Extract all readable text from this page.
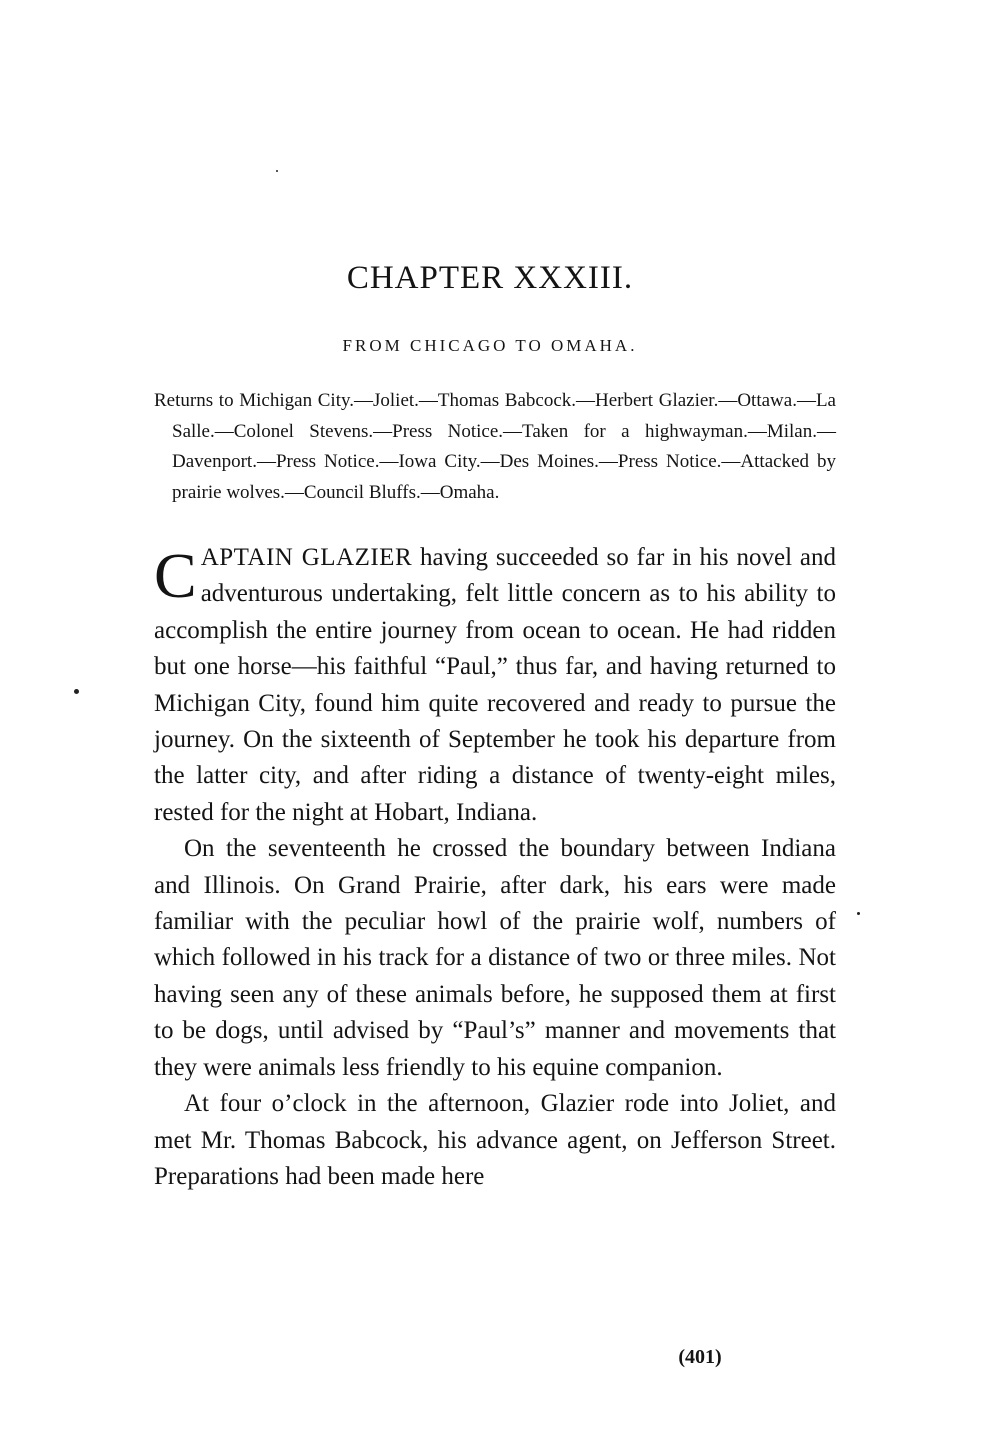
CHAPTER XXXIII.
FROM CHICAGO TO OMAHA.
Returns to Michigan City.—Joliet.—Thomas Babcock.—Herbert Glazier.—Ottawa.—La Salle.—Colonel Stevens.—Press Notice.—Taken for a highwayman.—Milan.—Davenport.—Press Notice.—Iowa City.—Des Moines.—Press Notice.—Attacked by prairie wolves.—Council Bluffs.—Omaha.

CAPTAIN GLAZIER having succeeded so far in his novel and adventurous undertaking, felt little concern as to his ability to accomplish the entire journey from ocean to ocean. He had ridden but one horse—his faithful “Paul,” thus far, and having returned to Michigan City, found him quite recovered and ready to pursue the journey. On the sixteenth of September he took his departure from the latter city, and after riding a distance of twenty-eight miles, rested for the night at Hobart, Indiana.

On the seventeenth he crossed the boundary between Indiana and Illinois. On Grand Prairie, after dark, his ears were made familiar with the peculiar howl of the prairie wolf, numbers of which followed in his track for a distance of two or three miles. Not having seen any of these animals before, he supposed them at first to be dogs, until advised by “Paul’s” manner and movements that they were animals less friendly to his equine companion.

At four o’clock in the afternoon, Glazier rode into Joliet, and met Mr. Thomas Babcock, his advance agent, on Jefferson Street. Preparations had been made here

(401)
